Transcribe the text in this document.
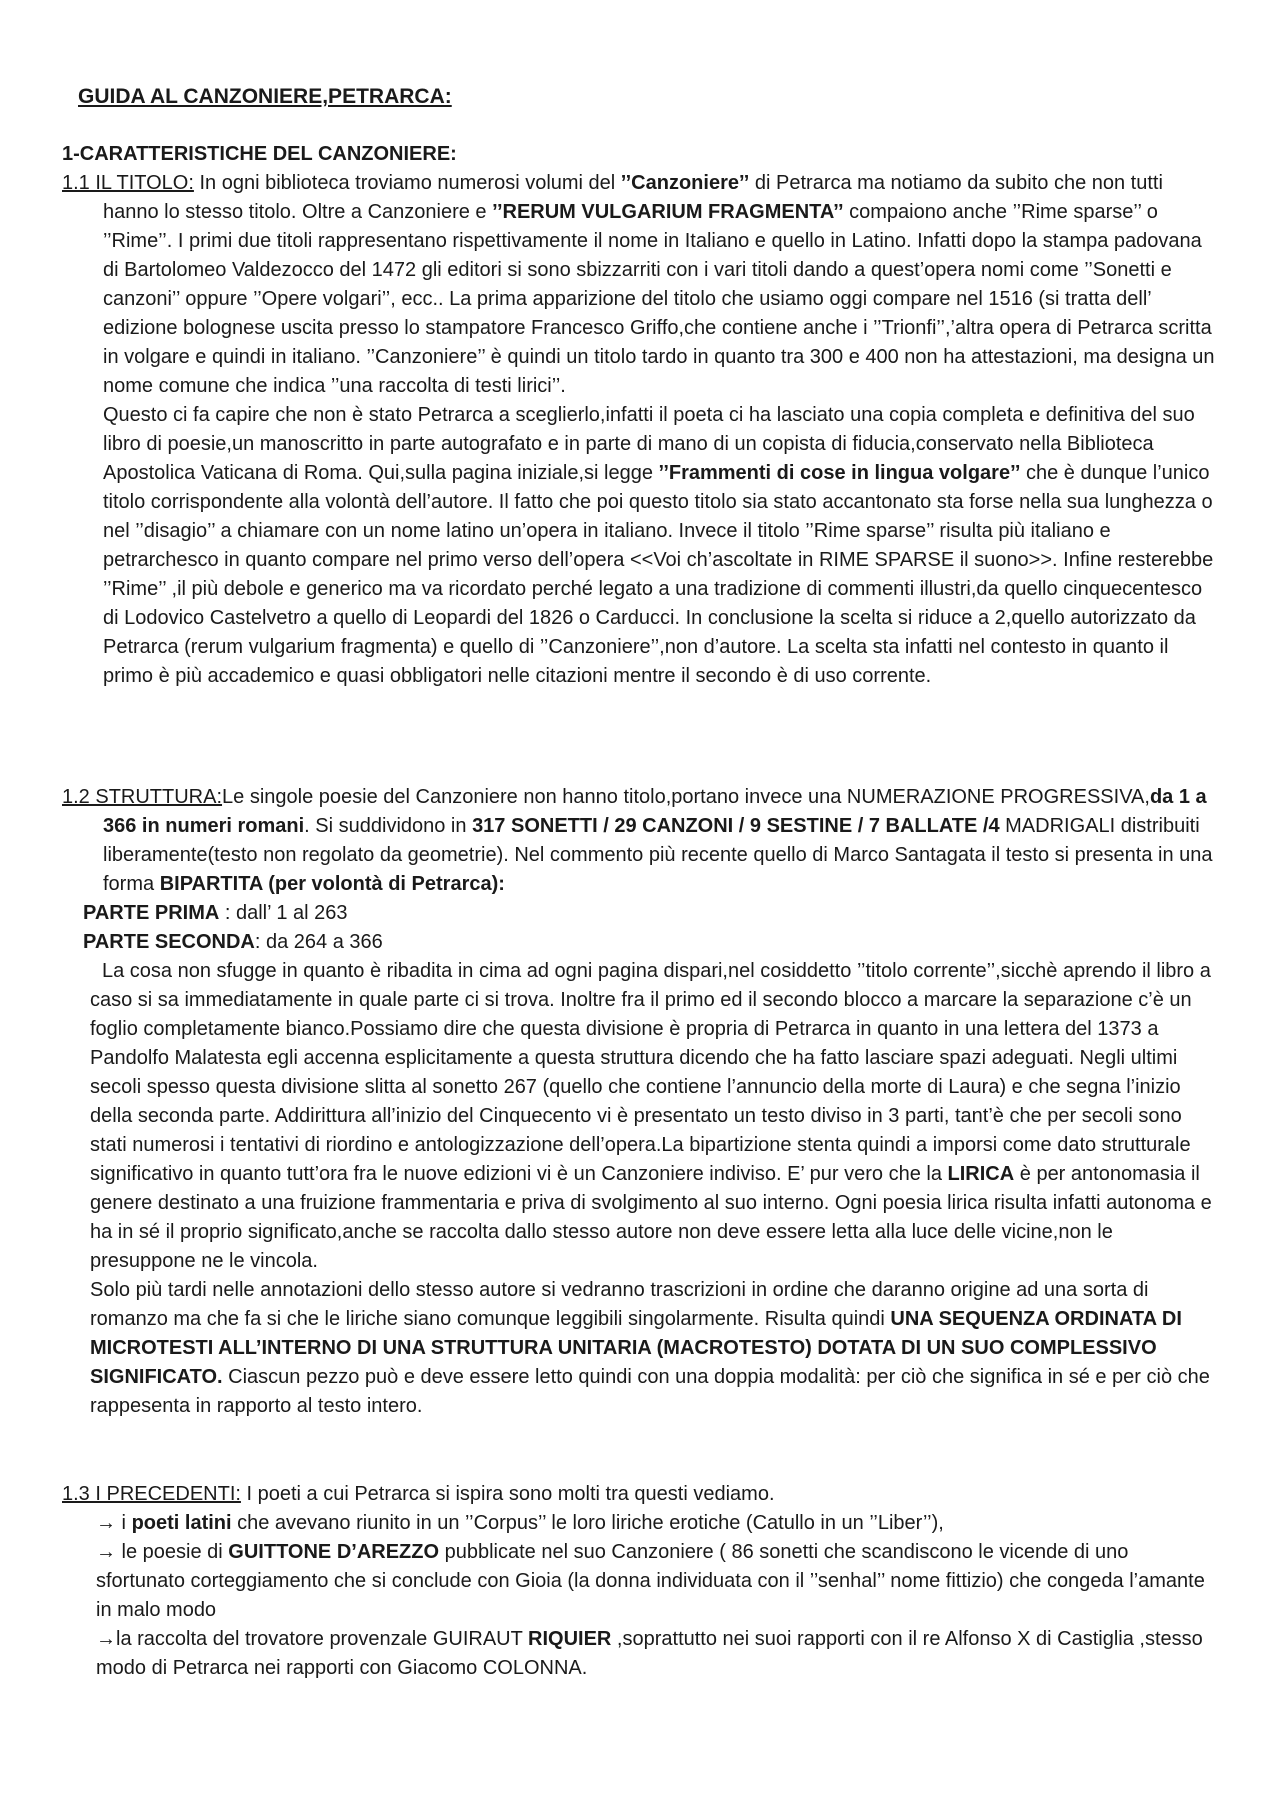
GUIDA AL CANZONIERE,PETRARCA:
1-CARATTERISTICHE DEL CANZONIERE:

1.1 IL TITOLO: In ogni biblioteca troviamo numerosi volumi del ’’Canzoniere’’ di Petrarca ma notiamo da subito che non tutti hanno lo stesso titolo. Oltre a Canzoniere e ’’RERUM VULGARIUM FRAGMENTA’’ compaiono anche ’’Rime sparse’’ o ’’Rime’’. I primi due titoli rappresentano rispettivamente il nome in Italiano e quello in Latino. Infatti dopo la stampa padovana di Bartolomeo Valdezocco del 1472 gli editori si sono sbizzarriti con i vari titoli dando a quest’opera nomi come ’’Sonetti e canzoni’’ oppure ’’Opere volgari’’, ecc.. La prima apparizione del titolo che usiamo oggi compare nel 1516 (si tratta dell’ edizione bolognese uscita presso lo stampatore Francesco Griffo,che contiene anche i ’’Trionfi’’,’altra opera di Petrarca scritta in volgare e quindi in italiano. ’’Canzoniere’’ è quindi un titolo tardo in quanto tra 300 e 400 non ha attestazioni, ma designa un nome comune che indica ’’una raccolta di testi lirici’’.

Questo ci fa capire che non è stato Petrarca a sceglierlo,infatti il poeta ci ha lasciato una copia completa e definitiva del suo libro di poesie,un manoscritto in parte autografato e in parte di mano di un copista di fiducia,conservato nella Biblioteca Apostolica Vaticana di Roma. Qui,sulla pagina iniziale,si legge ’’Frammenti di cose in lingua volgare’’ che è dunque l’unico titolo corrispondente alla volontà dell’autore. Il fatto che poi questo titolo sia stato accantonato sta forse nella sua lunghezza o nel ’’disagio’’ a chiamare con un nome latino un’opera in italiano. Invece il titolo ’’Rime sparse’’ risulta più italiano e petrarchesco in quanto compare nel primo verso dell’opera <<Voi ch’ascoltate in RIME SPARSE il suono>>. Infine resterebbe ’’Rime’’ ,il più debole e generico ma va ricordato perché legato a una tradizione di commenti illustri,da quello cinquecentesco di Lodovico Castelvetro a quello di Leopardi del 1826 o Carducci. In conclusione la scelta si riduce a 2,quello autorizzato da Petrarca (rerum vulgarium fragmenta) e quello di ’’Canzoniere’’,non d’autore. La scelta sta infatti nel contesto in quanto il primo è più accademico e quasi obbligatori nelle citazioni mentre il secondo è di uso corrente.

1.2 STRUTTURA:Le singole poesie del Canzoniere non hanno titolo,portano invece una NUMERAZIONE PROGRESSIVA,da 1 a 366 in numeri romani. Si suddividono in 317 SONETTI / 29 CANZONI / 9 SESTINE / 7 BALLATE /4 MADRIGALI distribuiti liberamente(testo non regolato da geometrie). Nel commento più recente quello di Marco Santagata il testo si presenta in una forma BIPARTITA (per volontà di Petrarca):

PARTE PRIMA : dall’ 1 al 263

PARTE SECONDA: da 264 a 366

La cosa non sfugge in quanto è ribadita in cima ad ogni pagina dispari,nel cosiddetto ’’titolo corrente’’,sicchè aprendo il libro a caso si sa immediatamente in quale parte ci si trova. Inoltre fra il primo ed il secondo blocco a marcare la separazione c’è un foglio completamente bianco.Possiamo dire che questa divisione è propria di Petrarca in quanto in una lettera del 1373 a Pandolfo Malatesta egli accenna esplicitamente a questa struttura dicendo che ha fatto lasciare spazi adeguati. Negli ultimi secoli spesso questa divisione slitta al sonetto 267 (quello che contiene l’annuncio della morte di Laura) e che segna l’inizio della seconda parte. Addirittura all’inizio del Cinquecento vi è presentato un testo diviso in 3 parti, tant’è che per secoli sono stati numerosi i tentativi di riordino e antologizzazione dell’opera.La bipartizione stenta quindi a imporsi come dato strutturale significativo in quanto tutt’ora fra le nuove edizioni vi è un Canzoniere indiviso. E’ pur vero che la LIRICA è per antonomasia il genere destinato a una fruizione frammentaria e priva di svolgimento al suo interno. Ogni poesia lirica risulta infatti autonoma e ha in sé il proprio significato,anche se raccolta dallo stesso autore non deve essere letta alla luce delle vicine,non le presuppone ne le vincola.

Solo più tardi nelle annotazioni dello stesso autore si vedranno trascrizioni in ordine che daranno origine ad una sorta di romanzo ma che fa si che le liriche siano comunque leggibili singolarmente. Risulta quindi UNA SEQUENZA ORDINATA DI MICROTESTI ALL’INTERNO DI UNA STRUTTURA UNITARIA (MACROTESTO) DOTATA DI UN SUO COMPLESSIVO SIGNIFICATO. Ciascun pezzo può e deve essere letto quindi con una doppia modalità: per ciò che significa in sé e per ciò che rappesenta in rapporto al testo intero.

1.3 I PRECEDENTI: I poeti a cui Petrarca si ispira sono molti tra questi vediamo.

→ i poeti latini che avevano riunito in un ’’Corpus’’ le loro liriche erotiche (Catullo in un ’’Liber’’),

→ le poesie di GUITTONE D’AREZZO pubblicate nel suo Canzoniere ( 86 sonetti che scandiscono le vicende di uno sfortunato corteggiamento che si conclude con Gioia (la donna individuata con il ’’senhal’’ nome fittizio) che congeda l’amante in malo modo

→la raccolta del trovatore provenzale GUIRAUT RIQUIER ,soprattutto nei suoi rapporti con il re Alfonso X di Castiglia ,stesso modo di Petrarca nei rapporti con Giacomo COLONNA.
